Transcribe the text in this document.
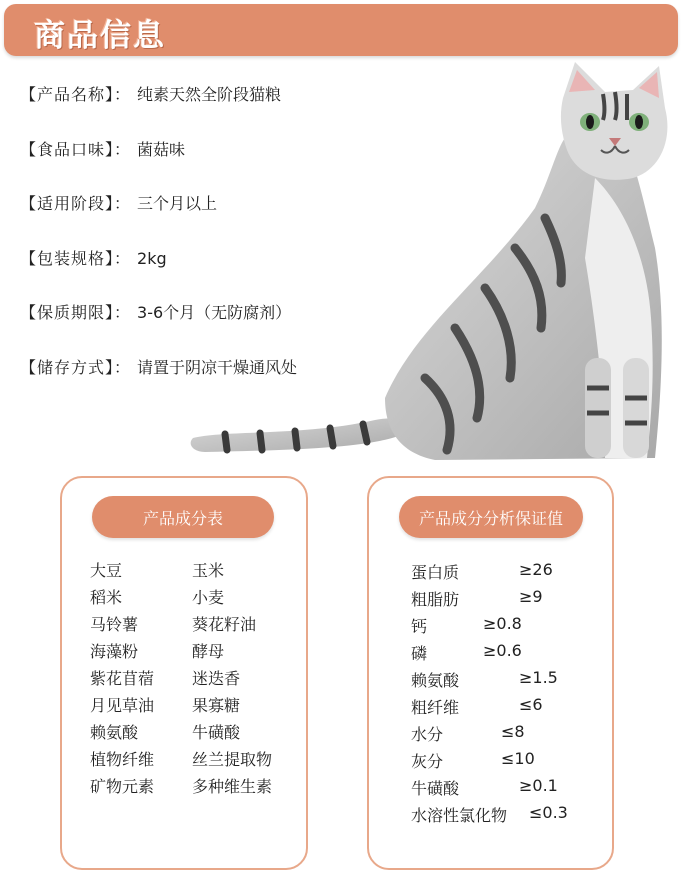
商品信息
【产品名称】： 纯素天然全阶段猫粮
【食品口味】： 菌菇味
【适用阶段】： 三个月以上
【包装规格】： 2kg
【保质期限】： 3-6个月（无防腐剂）
【储存方式】： 请置于阴凉干燥通风处
产品成分表
大豆	玉米
稻米	小麦
马铃薯	葵花籽油
海藻粉	酵母
紫花苜蓿 迷迭香
月见草油 果寡糖
赖氨酸	牛磺酸
植物纤维 丝兰提取物
矿物元素 多种维生素
产品成分分析保证值
蛋白质	≥26
粗脂肪	≥9
钙	≥0.8
磷	≥0.6
赖氨酸	≥1.5
粗纤维	≤6
水分	≤8
灰分	≤10
牛磺酸	≥0.1
水溶性氯化物 ≤0.3
